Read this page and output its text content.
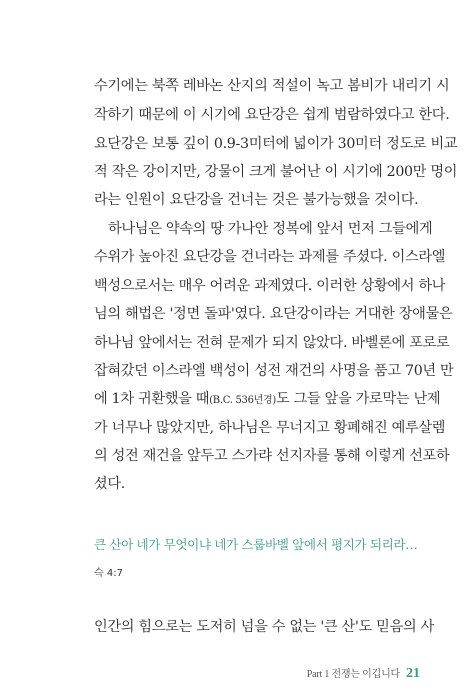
수기에는 북쪽 레바논 산지의 적설이 녹고 봄비가 내리기 시
작하기 때문에 이 시기에 요단강은 쉽게 범람하였다고 한다.
요단강은 보통 깊이 0.9-3미터에 넓이가 30미터 정도로 비교
적 작은 강이지만, 강물이 크게 불어난 이 시기에 200만 명이
라는 인원이 요단강을 건너는 것은 불가능했을 것이다.
하나님은 약속의 땅 가나안 정복에 앞서 먼저 그들에게
수위가 높아진 요단강을 건너라는 과제를 주셨다. 이스라엘
백성으로서는 매우 어려운 과제였다. 이러한 상황에서 하나
님의 해법은 '정면 돌파'였다. 요단강이라는 거대한 장애물은
하나님 앞에서는 전혀 문제가 되지 않았다. 바벨론에 포로로
잡혀갔던 이스라엘 백성이 성전 재건의 사명을 품고 70년 만
에 1차 귀환했을 때(B.C. 536년경)도 그들 앞을 가로막는 난제
가 너무나 많았지만, 하나님은 무너지고 황폐해진 예루살렘
의 성전 재건을 앞두고 스가랴 선지자를 통해 이렇게 선포하
셨다.
큰 산아 네가 무엇이냐 네가 스룹바벨 앞에서 평지가 되리라…
슥 4:7
인간의 힘으로는 도저히 넘을 수 없는 '큰 산'도 믿음의 사
Part 1 전쟁는 이깁니다 21
